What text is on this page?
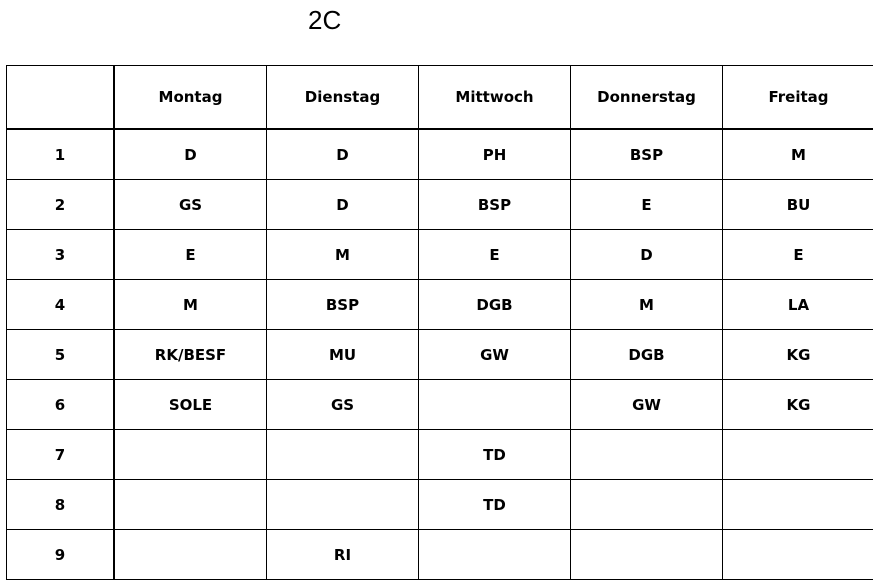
2C
	Montag	Dienstag	Mittwoch	Donnerstag	Freitag
1	D	D	PH	BSP	M
2	GS	D	BSP	E	BU
3	E	M	E	D	E
4	M	BSP	DGB	M	LA
5	RK/BESF	MU	GW	DGB	KG
6	SOLE	GS		GW	KG
7			TD		
8			TD		
9		RI			
